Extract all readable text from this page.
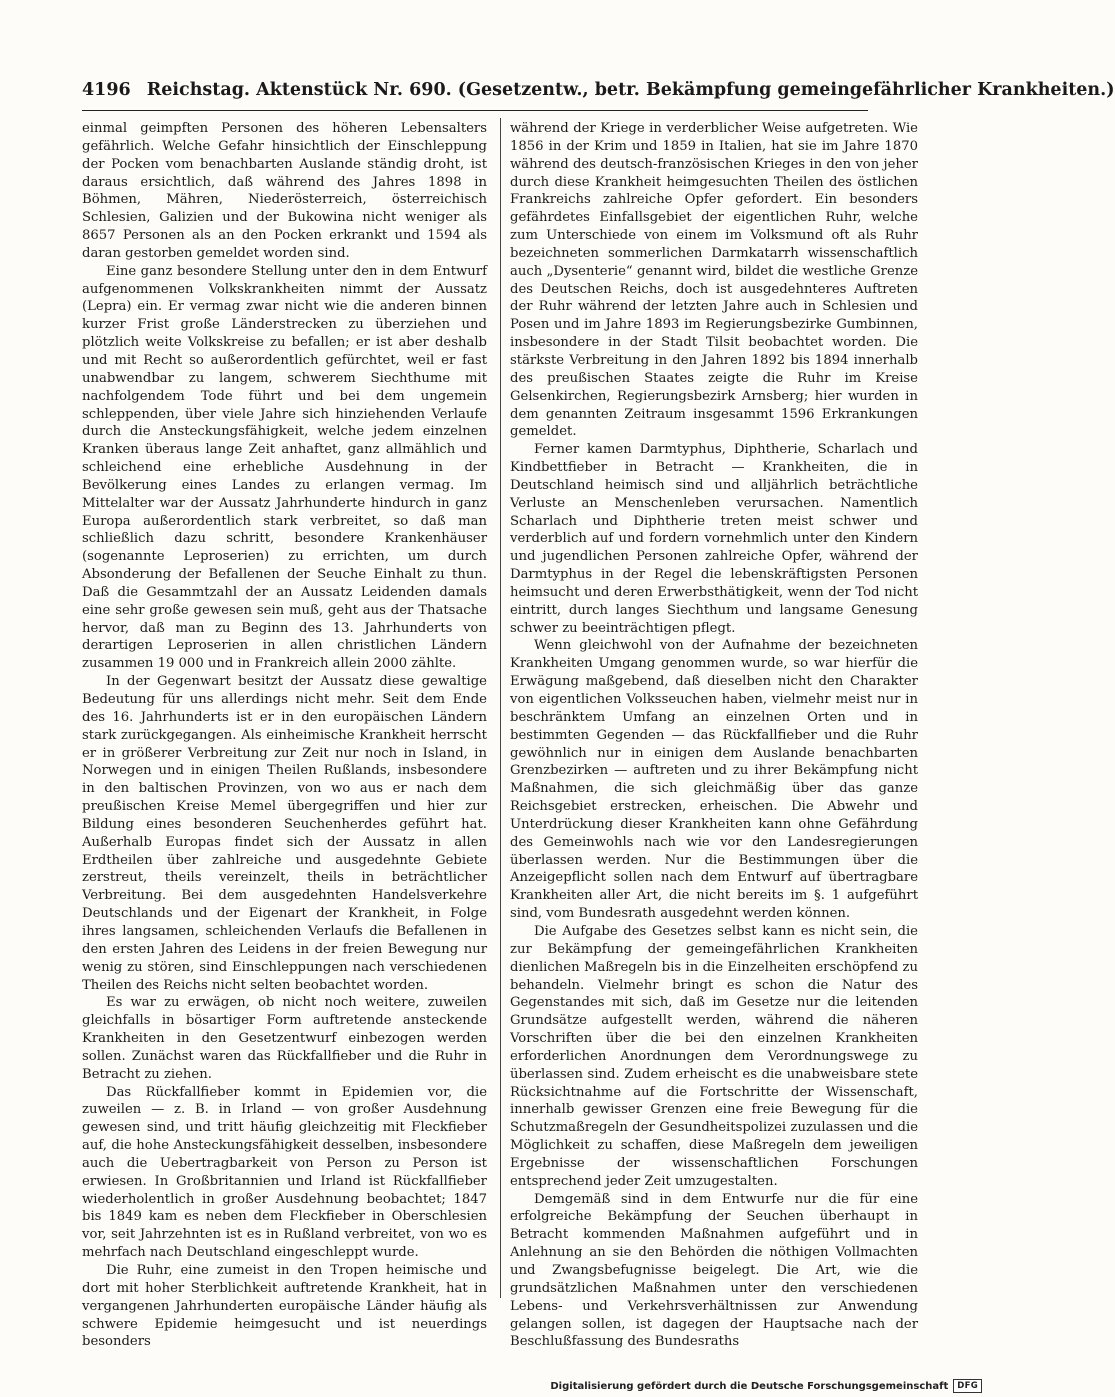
4196 Reichstag. Aktenstück Nr. 690. (Gesetzentw., betr. Bekämpfung gemeingefährlicher Krankheiten.)

einmal geimpften Personen des höheren Lebensalters gefährlich. Welche Gefahr hinsichtlich der Einschleppung der Pocken vom benachbarten Auslande ständig droht, ist daraus ersichtlich, daß während des Jahres 1898 in Böhmen, Mähren, Niederösterreich, österreichisch Schlesien, Galizien und der Bukowina nicht weniger als 8657 Personen als an den Pocken erkrankt und 1594 als daran gestorben gemeldet worden sind.

Eine ganz besondere Stellung unter den in dem Entwurf aufgenommenen Volkskrankheiten nimmt der Aussatz (Lepra) ein. Er vermag zwar nicht wie die anderen binnen kurzer Frist große Länderstrecken zu überziehen und plötzlich weite Volkskreise zu befallen; er ist aber deshalb und mit Recht so außerordentlich gefürchtet, weil er fast unabwendbar zu langem, schwerem Siechthume mit nachfolgendem Tode führt und bei dem ungemein schleppenden, über viele Jahre sich hinziehenden Verlaufe durch die Ansteckungsfähigkeit, welche jedem einzelnen Kranken überaus lange Zeit anhaftet, ganz allmählich und schleichend eine erhebliche Ausdehnung in der Bevölkerung eines Landes zu erlangen vermag. Im Mittelalter war der Aussatz Jahrhunderte hindurch in ganz Europa außerordentlich stark verbreitet, so daß man schließlich dazu schritt, besondere Krankenhäuser (sogenannte Leproserien) zu errichten, um durch Absonderung der Befallenen der Seuche Einhalt zu thun. Daß die Gesammtzahl der an Aussatz Leidenden damals eine sehr große gewesen sein muß, geht aus der Thatsache hervor, daß man zu Beginn des 13. Jahrhunderts von derartigen Leproserien in allen christlichen Ländern zusammen 19 000 und in Frankreich allein 2000 zählte.

In der Gegenwart besitzt der Aussatz diese gewaltige Bedeutung für uns allerdings nicht mehr. Seit dem Ende des 16. Jahrhunderts ist er in den europäischen Ländern stark zurückgegangen. Als einheimische Krankheit herrscht er in größerer Verbreitung zur Zeit nur noch in Island, in Norwegen und in einigen Theilen Rußlands, insbesondere in den baltischen Provinzen, von wo aus er nach dem preußischen Kreise Memel übergegriffen und hier zur Bildung eines besonderen Seuchenherdes geführt hat. Außerhalb Europas findet sich der Aussatz in allen Erdtheilen über zahlreiche und ausgedehnte Gebiete zerstreut, theils vereinzelt, theils in beträchtlicher Verbreitung. Bei dem ausgedehnten Handelsverkehre Deutschlands und der Eigenart der Krankheit, in Folge ihres langsamen, schleichenden Verlaufs die Befallenen in den ersten Jahren des Leidens in der freien Bewegung nur wenig zu stören, sind Einschleppungen nach verschiedenen Theilen des Reichs nicht selten beobachtet worden.

Es war zu erwägen, ob nicht noch weitere, zuweilen gleichfalls in bösartiger Form auftretende ansteckende Krankheiten in den Gesetzentwurf einbezogen werden sollen. Zunächst waren das Rückfallfieber und die Ruhr in Betracht zu ziehen.

Das Rückfallfieber kommt in Epidemien vor, die zuweilen — z. B. in Irland — von großer Ausdehnung gewesen sind, und tritt häufig gleichzeitig mit Fleckfieber auf, die hohe Ansteckungsfähigkeit desselben, insbesondere auch die Uebertragbarkeit von Person zu Person ist erwiesen. In Großbritannien und Irland ist Rückfallfieber wiederholentlich in großer Ausdehnung beobachtet; 1847 bis 1849 kam es neben dem Fleckfieber in Oberschlesien vor, seit Jahrzehnten ist es in Rußland verbreitet, von wo es mehrfach nach Deutschland eingeschleppt wurde.

Die Ruhr, eine zumeist in den Tropen heimische und dort mit hoher Sterblichkeit auftretende Krankheit, hat in vergangenen Jahrhunderten europäische Länder häufig als schwere Epidemie heimgesucht und ist neuerdings besonders

während der Kriege in verderblicher Weise aufgetreten. Wie 1856 in der Krim und 1859 in Italien, hat sie im Jahre 1870 während des deutsch-französischen Krieges in den von jeher durch diese Krankheit heimgesuchten Theilen des östlichen Frankreichs zahlreiche Opfer gefordert. Ein besonders gefährdetes Einfallsgebiet der eigentlichen Ruhr, welche zum Unterschiede von einem im Volksmund oft als Ruhr bezeichneten sommerlichen Darmkatarrh wissenschaftlich auch „Dysenterie“ genannt wird, bildet die westliche Grenze des Deutschen Reichs, doch ist ausgedehnteres Auftreten der Ruhr während der letzten Jahre auch in Schlesien und Posen und im Jahre 1893 im Regierungsbezirke Gumbinnen, insbesondere in der Stadt Tilsit beobachtet worden. Die stärkste Verbreitung in den Jahren 1892 bis 1894 innerhalb des preußischen Staates zeigte die Ruhr im Kreise Gelsenkirchen, Regierungsbezirk Arnsberg; hier wurden in dem genannten Zeitraum insgesammt 1596 Erkrankungen gemeldet.

Ferner kamen Darmtyphus, Diphtherie, Scharlach und Kindbettfieber in Betracht — Krankheiten, die in Deutschland heimisch sind und alljährlich beträchtliche Verluste an Menschenleben verursachen. Namentlich Scharlach und Diphtherie treten meist schwer und verderblich auf und fordern vornehmlich unter den Kindern und jugendlichen Personen zahlreiche Opfer, während der Darmtyphus in der Regel die lebenskräftigsten Personen heimsucht und deren Erwerbsthätigkeit, wenn der Tod nicht eintritt, durch langes Siechthum und langsame Genesung schwer zu beeinträchtigen pflegt.

Wenn gleichwohl von der Aufnahme der bezeichneten Krankheiten Umgang genommen wurde, so war hierfür die Erwägung maßgebend, daß dieselben nicht den Charakter von eigentlichen Volksseuchen haben, vielmehr meist nur in beschränktem Umfang an einzelnen Orten und in bestimmten Gegenden — das Rückfallfieber und die Ruhr gewöhnlich nur in einigen dem Auslande benachbarten Grenzbezirken — auftreten und zu ihrer Bekämpfung nicht Maßnahmen, die sich gleichmäßig über das ganze Reichsgebiet erstrecken, erheischen. Die Abwehr und Unterdrückung dieser Krankheiten kann ohne Gefährdung des Gemeinwohls nach wie vor den Landesregierungen überlassen werden. Nur die Bestimmungen über die Anzeigepflicht sollen nach dem Entwurf auf übertragbare Krankheiten aller Art, die nicht bereits im §. 1 aufgeführt sind, vom Bundesrath ausgedehnt werden können.

Die Aufgabe des Gesetzes selbst kann es nicht sein, die zur Bekämpfung der gemeingefährlichen Krankheiten dienlichen Maßregeln bis in die Einzelheiten erschöpfend zu behandeln. Vielmehr bringt es schon die Natur des Gegenstandes mit sich, daß im Gesetze nur die leitenden Grundsätze aufgestellt werden, während die näheren Vorschriften über die bei den einzelnen Krankheiten erforderlichen Anordnungen dem Verordnungswege zu überlassen sind. Zudem erheischt es die unabweisbare stete Rücksichtnahme auf die Fortschritte der Wissenschaft, innerhalb gewisser Grenzen eine freie Bewegung für die Schutzmaßregeln der Gesundheitspolizei zuzulassen und die Möglichkeit zu schaffen, diese Maßregeln dem jeweiligen Ergebnisse der wissenschaftlichen Forschungen entsprechend jeder Zeit umzugestalten.

Demgemäß sind in dem Entwurfe nur die für eine erfolgreiche Bekämpfung der Seuchen überhaupt in Betracht kommenden Maßnahmen aufgeführt und in Anlehnung an sie den Behörden die nöthigen Vollmachten und Zwangsbefugnisse beigelegt. Die Art, wie die grundsätzlichen Maßnahmen unter den verschiedenen Lebens- und Verkehrsverhältnissen zur Anwendung gelangen sollen, ist dagegen der Hauptsache nach der Beschlußfassung des Bundesraths

Digitalisierung gefördert durch die Deutsche Forschungsgemeinschaft	DFG
